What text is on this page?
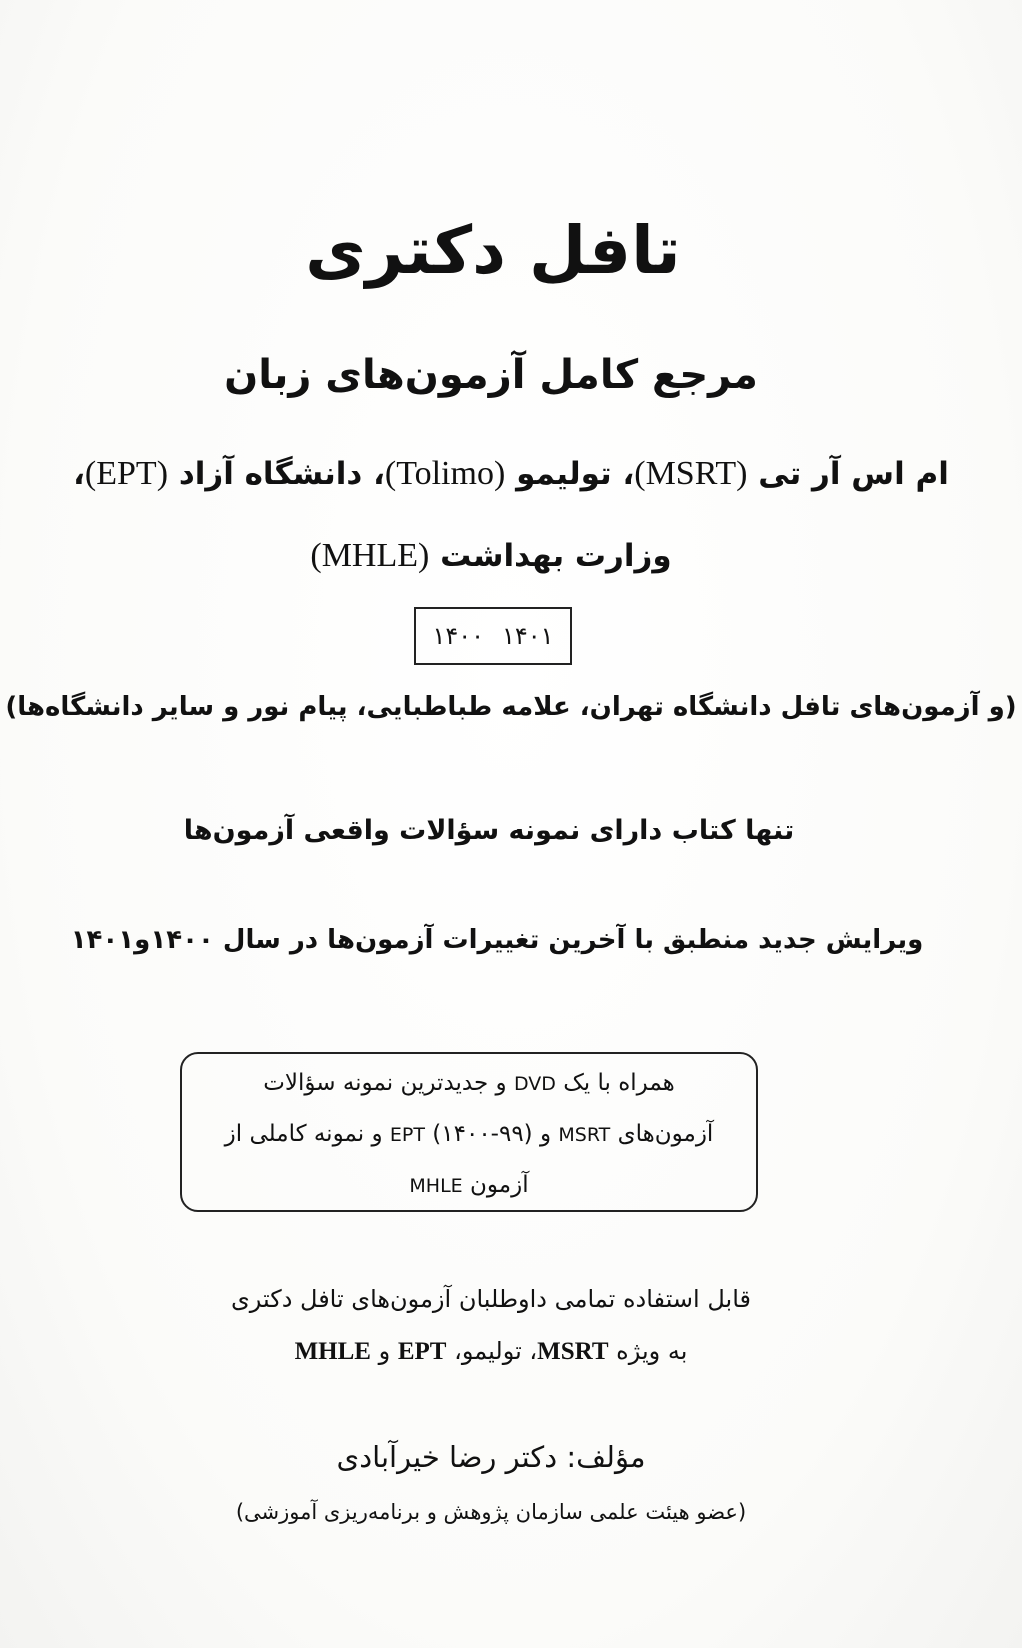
تافل دکتری
مرجع کامل آزمون‌های زبان
ام اس آر تی (MSRT)، تولیمو (Tolimo)، دانشگاه آزاد (EPT)،
وزارت بهداشت (MHLE)
۱۴۰۱
۱۴۰۰
(و آزمون‌های تافل دانشگاه تهران، علامه طباطبایی، پیام نور و سایر دانشگاه‌ها)
تنها کتاب دارای نمونه سؤالات واقعی آزمون‌ها
ویرایش جدید منطبق با آخرین تغییرات آزمون‌ها در سال ۱۴۰۰و۱۴۰۱
همراه با یک DVD و جدیدترین نمونه سؤالات
آزمون‌های MSRT و EPT (۱۴۰۰-۹۹) و نمونه کاملی از
آزمون MHLE
قابل استفاده تمامی داوطلبان آزمون‌های تافل دکتری
به ویژه MSRT، تولیمو، EPT و MHLE
مؤلف: دکتر رضا خیرآبادی
(عضو هیئت علمی سازمان پژوهش و برنامه‌ریزی آموزشی)
